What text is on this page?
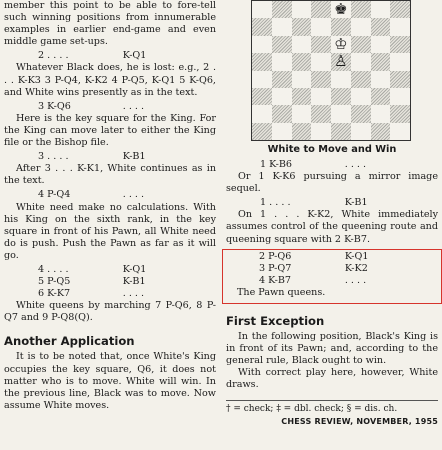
member this point to be able to fore-tell such winning positions from innumerable examples in earlier end-game and even middle game set-ups.

2 . . . .	K-Q1

Whatever Black does, he is lost: e.g., 2 . . . K-K3 3 P-Q4, K-K2 4 P-Q5, K-Q1 5 K-Q6, and White wins presently as in the text.

3 K-Q6	. . . .

Here is the key square for the King. For the King can move later to either the King file or the Bishop file.

3 . . . .	K-B1

After 3 . . . K-K1, White continues as in the text.

4 P-Q4	. . . .

White need make no calculations. With his King on the sixth rank, in the key square in front of his Pawn, all White need do is push. Push the Pawn as far as it will go.

4 . . . .	K-Q1
5 P-Q5	K-B1
6 K-K7	. . . .

White queens by marching 7 P-Q6, 8 P-Q7 and 9 P-Q8(Q).

Another Application

It is to be noted that, once White's King occupies the key square, Q6, it does not matter who is to move. White will win. In the previous line, Black was to move. Now assume White moves.

♚
♔
♙
White to Move and Win
1 K-B6	. . . .

Or 1 K-K6 pursuing a mirror image sequel.

1 . . . .	K-B1

On 1 . . . K-K2, White immediately assumes control of the queening route and queening square with 2 K-B7.

2 P-Q6	K-Q1
3 P-Q7	K-K2
4 K-B7	. . . .

The Pawn queens.

First Exception

In the following position, Black's King is in front of its Pawn; and, according to the general rule, Black ought to win.

With correct play here, however, White draws.

† = check; ‡ = dbl. check; § = dis. ch.
CHESS REVIEW, NOVEMBER, 1955
